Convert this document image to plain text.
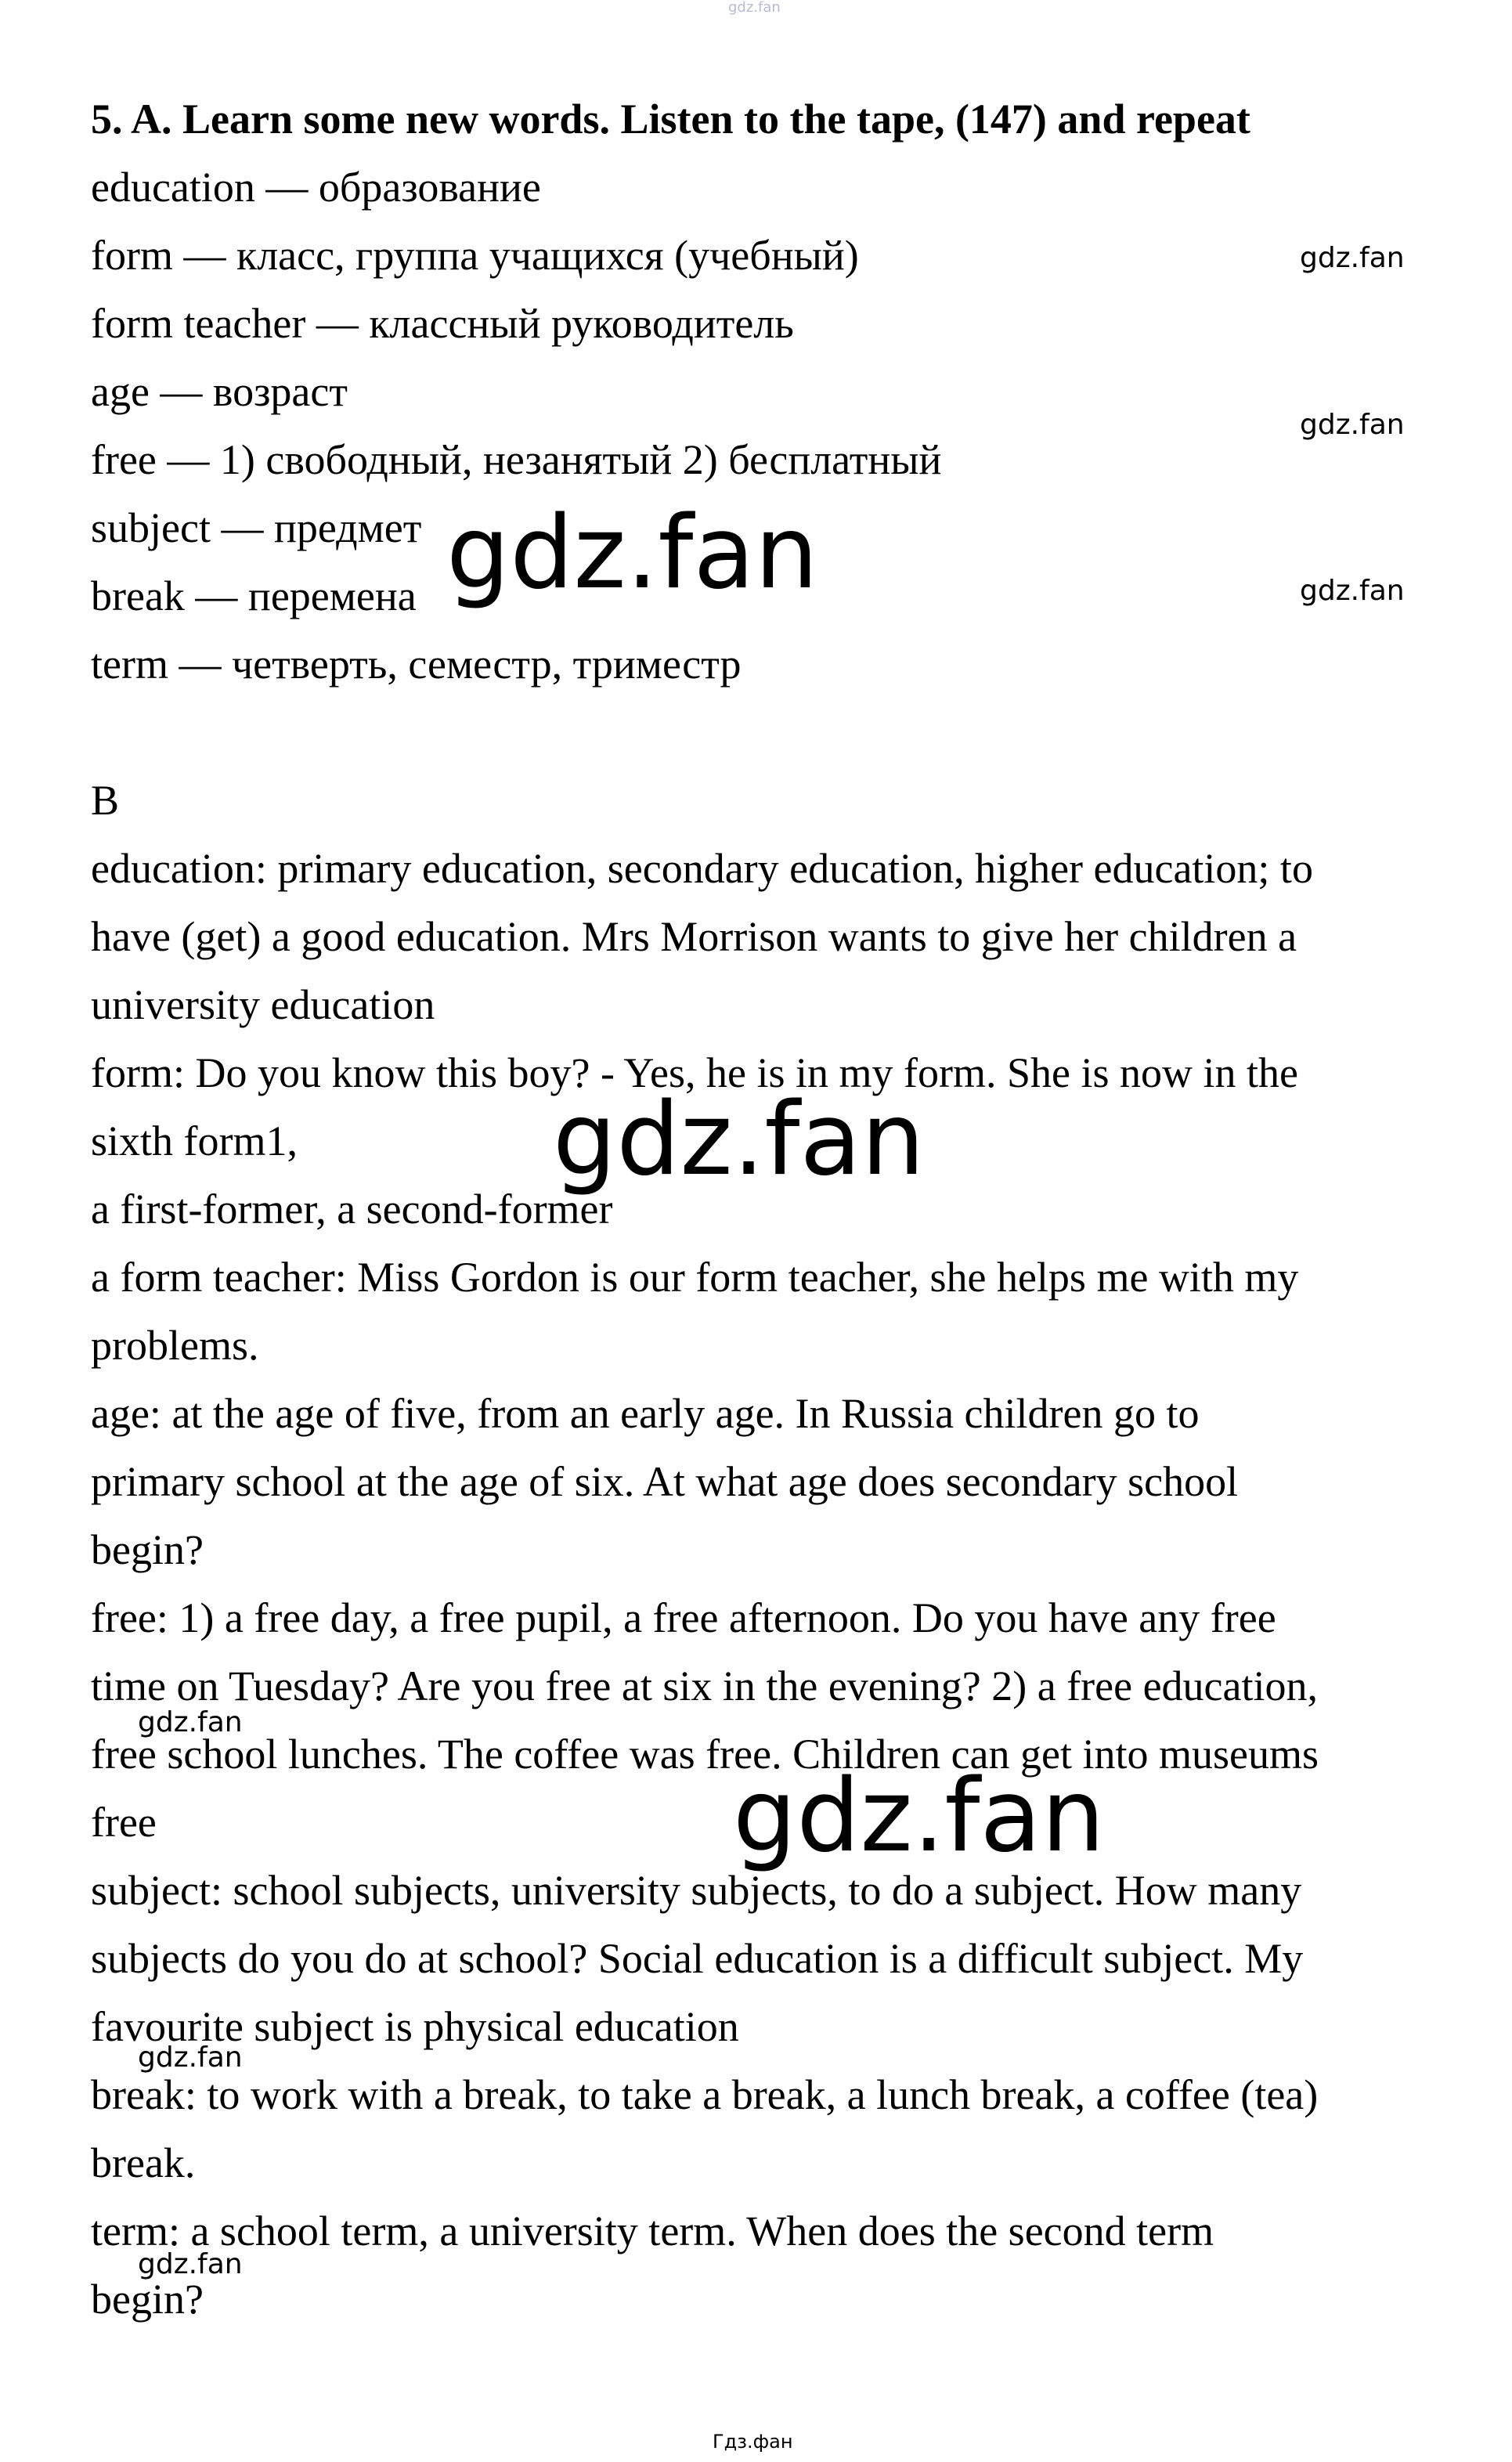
gdz.fan
5. A. Learn some new words. Listen to the tape, (147) and repeat
education — образование
form — класс, группа учащихся (учебный)
form teacher — классный руководитель
age — возраст
free — 1) свободный, незанятый 2) бесплатный
subject — предмет
break — перемена
term — четверть, семестр, триместр
B
education: primary education, secondary education, higher education; to
have (get) a good education. Mrs Morrison wants to give her children a
university education
form: Do you know this boy? - Yes, he is in my form. She is now in the
sixth form1,
a first-former, a second-former
a form teacher: Miss Gordon is our form teacher, she helps me with my
problems.
age: at the age of five, from an early age. In Russia children go to
primary school at the age of six. At what age does secondary school
begin?
free: 1) a free day, a free pupil, a free afternoon. Do you have any free
time on Tuesday? Are you free at six in the evening? 2) a free education,
free school lunches. The coffee was free. Children can get into museums
free
subject: school subjects, university subjects, to do a subject. How many
subjects do you do at school? Social education is a difficult subject. My
favourite subject is physical education
break: to work with a break, to take a break, a lunch break, a coffee (tea)
break.
term: a school term, a university term. When does the second term
begin?
gdz.fan
gdz.fan
gdz.fan
gdz.fan
gdz.fan
gdz.fan
gdz.fan
gdz.fan
gdz.fan
Гдз.фан
